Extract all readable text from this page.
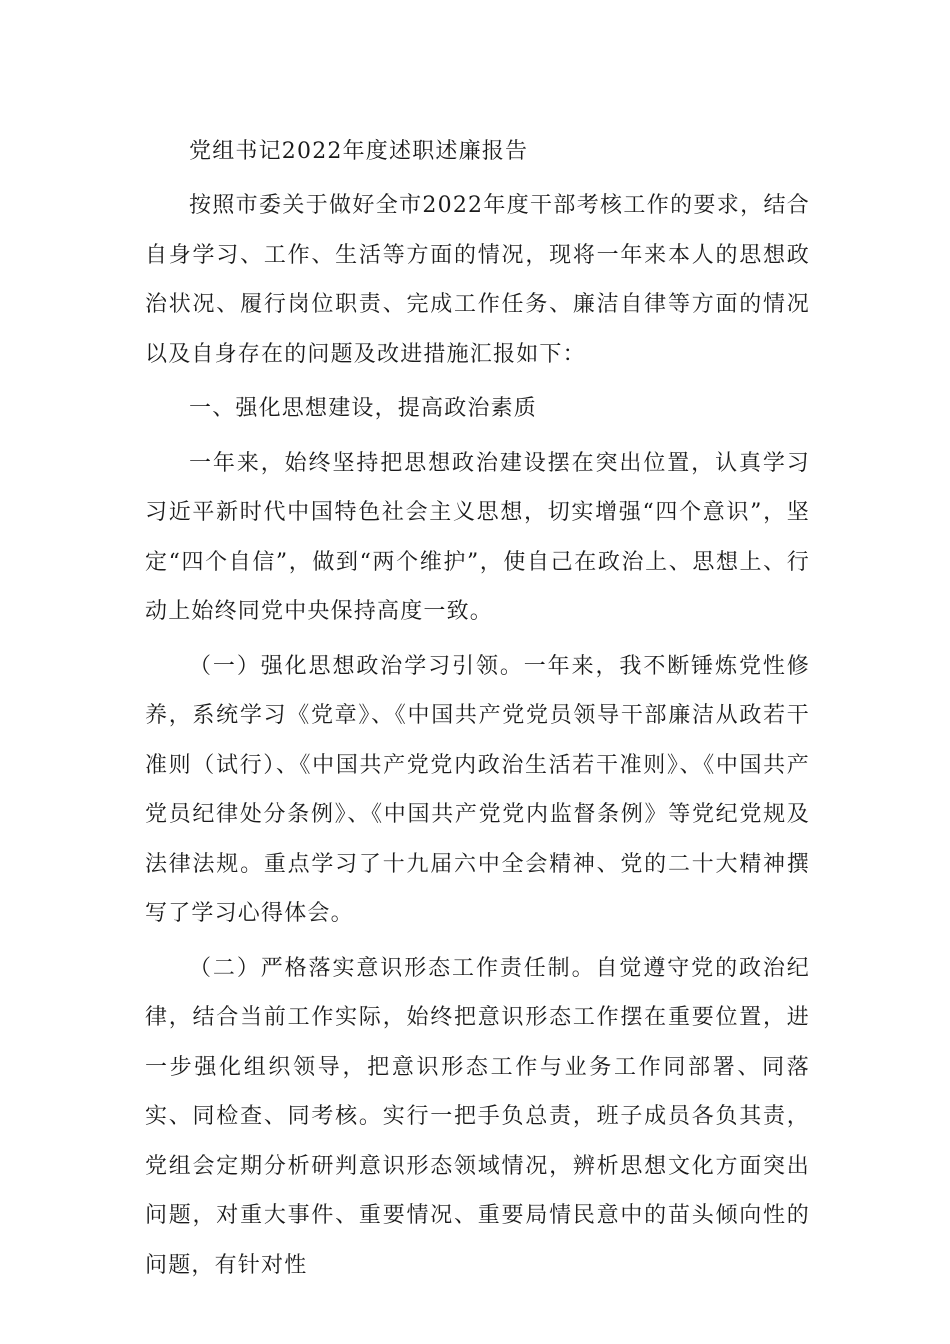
党组书记2022年度述职述廉报告

按照市委关于做好全市2022年度干部考核工作的要求，结合自身学习、工作、生活等方面的情况，现将一年来本人的思想政治状况、履行岗位职责、完成工作任务、廉洁自律等方面的情况以及自身存在的问题及改进措施汇报如下：

一、强化思想建设，提高政治素质

一年来，始终坚持把思想政治建设摆在突出位置，认真学习习近平新时代中国特色社会主义思想，切实增强“四个意识”，坚定“四个自信”，做到“两个维护”，使自己在政治上、思想上、行动上始终同党中央保持高度一致。

（一）强化思想政治学习引领。一年来，我不断锤炼党性修养，系统学习《党章》、《中国共产党党员领导干部廉洁从政若干准则（试行）、《中国共产党党内政治生活若干准则》、《中国共产党员纪律处分条例》、《中国共产党党内监督条例》等党纪党规及法律法规。重点学习了十九届六中全会精神、党的二十大精神撰写了学习心得体会。

（二）严格落实意识形态工作责任制。自觉遵守党的政治纪律，结合当前工作实际，始终把意识形态工作摆在重要位置，进一步强化组织领导，把意识形态工作与业务工作同部署、同落实、同检查、同考核。实行一把手负总责，班子成员各负其责，党组会定期分析研判意识形态领域情况，辨析思想文化方面突出问题，对重大事件、重要情况、重要局情民意中的苗头倾向性的问题，有针对性
